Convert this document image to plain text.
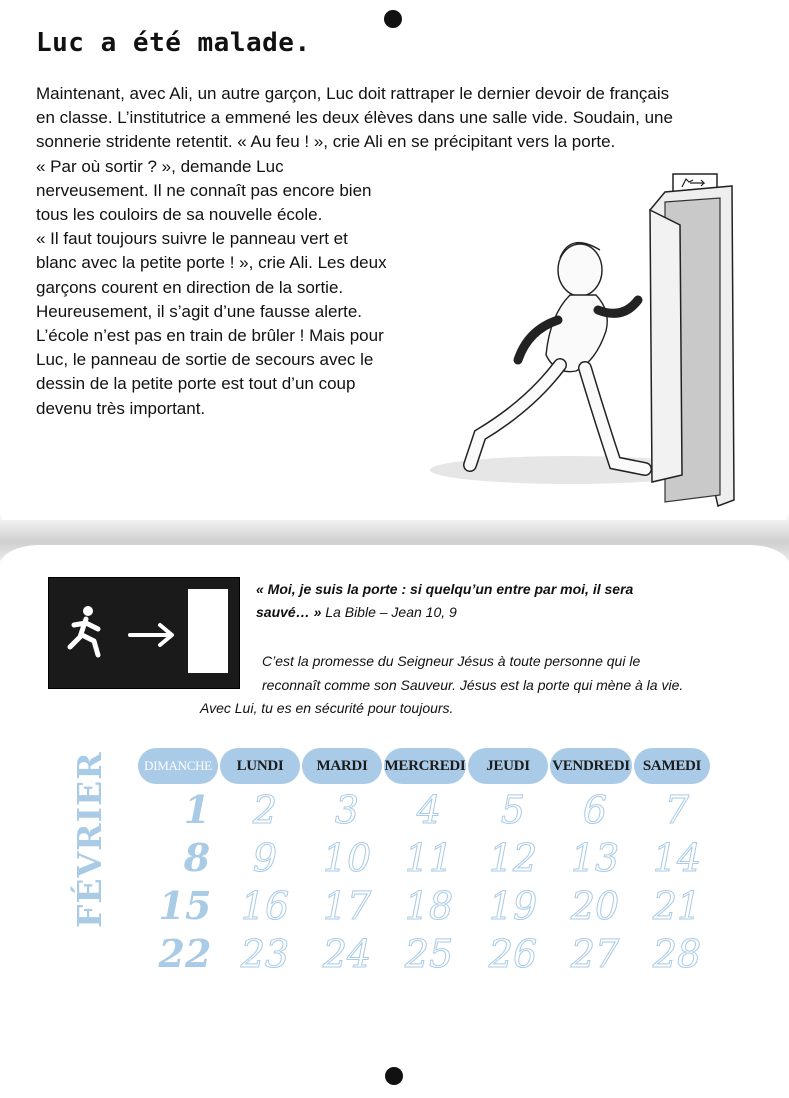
Luc a été malade.

Maintenant, avec Ali, un autre garçon, Luc doit rattraper le dernier devoir de français
en classe. L’institutrice a emmené les deux élèves dans une salle vide. Soudain, une
sonnerie stridente retentit. « Au feu ! », crie Ali en se précipitant vers la porte.
« Par où sortir ? », demande Luc
nerveusement. Il ne connaît pas encore bien
tous les couloirs de sa nouvelle école.
« Il faut toujours suivre le panneau vert et
blanc avec la petite porte ! », crie Ali. Les deux
garçons courent en direction de la sortie.
Heureusement, il s’agit d’une fausse alerte.
L’école n’est pas en train de brûler ! Mais pour
Luc, le panneau de sortie de secours avec le
dessin de la petite porte est tout d’un coup
devenu très important.

« Moi, je suis la porte : si quelqu’un entre par moi, il sera
sauvé… » La Bible – Jean 10, 9

C’est la promesse du Seigneur Jésus à toute personne qui le
reconnaît comme son Sauveur. Jésus est la porte qui mène à la vie.
Avec Lui, tu es en sécurité pour toujours.

FÉVRIER	DIMANCHE	LUNDI	MARDI	MERCREDI	JEUDI	VENDREDI SAMEDI
1	2	3	4	5	6	7
8	9	10 11 12 13 14
15 16 17 18 19 20 21
22 23 24 25 26 27 28
